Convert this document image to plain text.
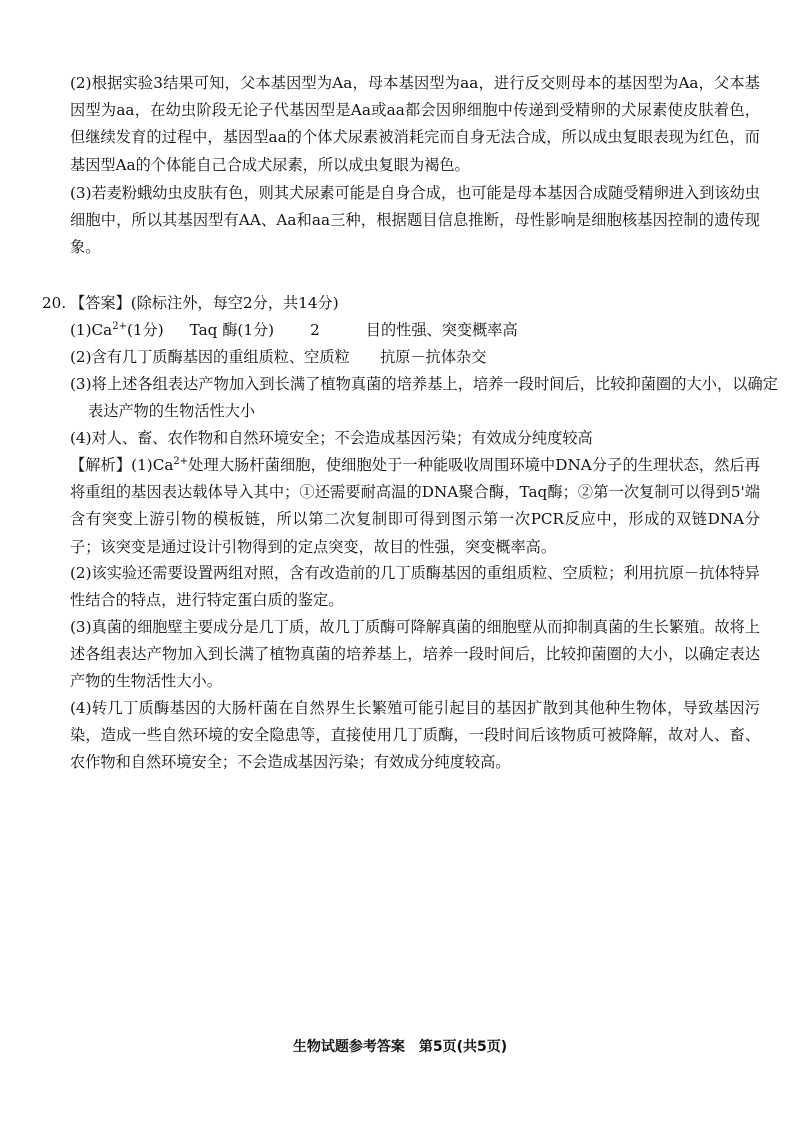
(2)根据实验3结果可知，父本基因型为Aa，母本基因型为aa，进行反交则母本的基因型为Aa，父本基因型为aa，在幼虫阶段无论子代基因型是Aa或aa都会因卵细胞中传递到受精卵的犬尿素使皮肤着色，但继续发育的过程中，基因型aa的个体犬尿素被消耗完而自身无法合成，所以成虫复眼表现为红色，而基因型Aa的个体能自己合成犬尿素，所以成虫复眼为褐色。

(3)若麦粉蛾幼虫皮肤有色，则其犬尿素可能是自身合成，也可能是母本基因合成随受精卵进入到该幼虫细胞中，所以其基因型有AA、Aa和aa三种，根据题目信息推断，母性影响是细胞核基因控制的遗传现象。

20. 【答案】(除标注外，每空2分，共14分)

$(1)Ca^{2+}(1$分) Taq 酶(1分) 2	目的性强、突变概率高

(2)含有几丁质酶基因的重组质粒、空质粒　　抗原－抗体杂交

(3)将上述各组表达产物加入到长满了植物真菌的培养基上，培养一段时间后，比较抑菌圈的大小，以确定表达产物的生物活性大小

(4)对人、畜、农作物和自然环境安全；不会造成基因污染；有效成分纯度较高

【解析】$(1)Ca^{2+}$处理大肠杆菌细胞，使细胞处于一种能吸收周围环境中DNA分子的生理状态，然后再将重组的基因表达载体导入其中；①还需要耐高温的DNA聚合酶，Taq酶；②第一次复制可以得到5'端含有突变上游引物的模板链，所以第二次复制即可得到图示第一次PCR反应中，形成的双链DNA分子；该突变是通过设计引物得到的定点突变，故目的性强，突变概率高。

(2)该实验还需要设置两组对照，含有改造前的几丁质酶基因的重组质粒、空质粒；利用抗原－抗体特异性结合的特点，进行特定蛋白质的鉴定。

(3)真菌的细胞壁主要成分是几丁质，故几丁质酶可降解真菌的细胞壁从而抑制真菌的生长繁殖。故将上述各组表达产物加入到长满了植物真菌的培养基上，培养一段时间后，比较抑菌圈的大小，以确定表达产物的生物活性大小。

(4)转几丁质酶基因的大肠杆菌在自然界生长繁殖可能引起目的基因扩散到其他种生物体，导致基因污染，造成一些自然环境的安全隐患等，直接使用几丁质酶，一段时间后该物质可被降解，故对人、畜、农作物和自然环境安全；不会造成基因污染；有效成分纯度较高。

生物试题参考答案　第5页(共5页)
